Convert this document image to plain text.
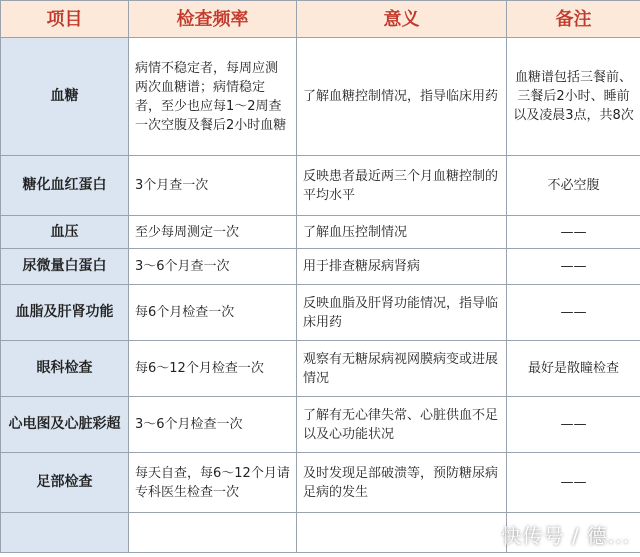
项目	检查频率	意义	备注
血糖	病情不稳定者，每周应测两次血糖谱；病情稳定者，至少也应每1～2周查一次空腹及餐后2小时血糖	了解血糖控制情况，指导临床用药	血糖谱包括三餐前、三餐后2小时、睡前以及凌晨3点，共8次
糖化血红蛋白	3个月查一次	反映患者最近两三个月血糖控制的平均水平	不必空腹
血压	至少每周测定一次	了解血压控制情况	——
尿微量白蛋白	3～6个月查一次	用于排查糖尿病肾病	——
血脂及肝肾功能	每6个月检查一次	反映血脂及肝肾功能情况，指导临床用药	——
眼科检查	每6～12个月检查一次	观察有无糖尿病视网膜病变或进展情况	最好是散瞳检查
心电图及心脏彩超	3～6个月检查一次	了解有无心律失常、心脏供血不足以及心功能状况	——
足部检查	每天自查，每6～12个月请专科医生检查一次	及时发现足部破溃等，预防糖尿病足病的发生	——

快传号 / 德...
